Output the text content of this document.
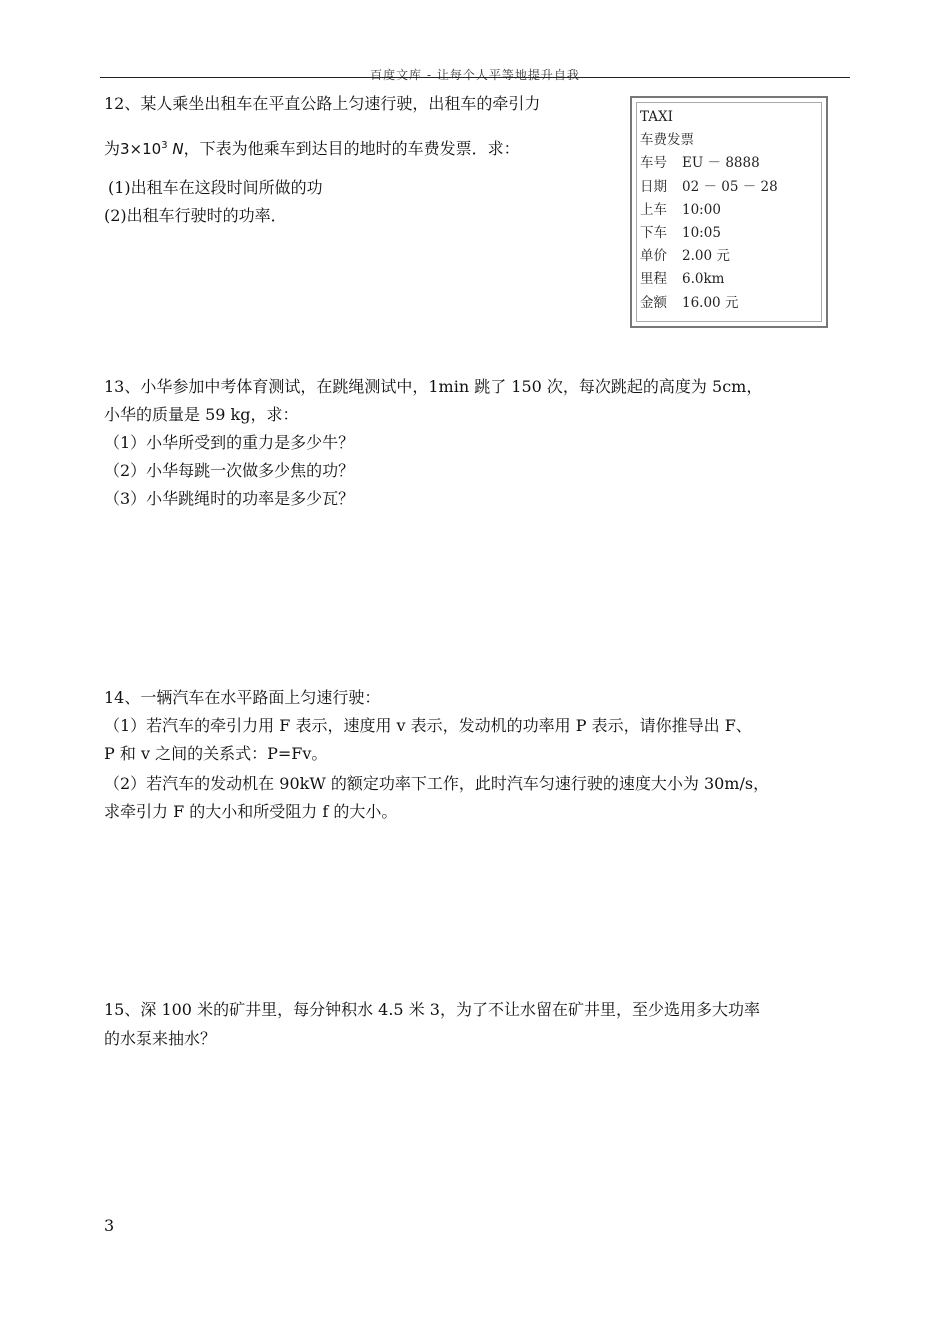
百度文库 - 让每个人平等地提升自我
12、某人乘坐出租车在平直公路上匀速行驶，出租车的牵引力
为$3\times 10^3$ N，下表为他乘车到达目的地时的车费发票．求：
(1)出租车在这段时间所做的功
(2)出租车行驶时的功率．
TAXI
车费发票
车号 EU － 8888
日期 02 － 05 － 28
上车 10:00
下车 10:05
单价 2.00 元
里程 6.0km
金额 16.00 元
13、小华参加中考体育测试，在跳绳测试中，1min 跳了 150 次，每次跳起的高度为 5cm，
小华的质量是 59 kg，求：
（1）小华所受到的重力是多少牛？
（2）小华每跳一次做多少焦的功？
（3）小华跳绳时的功率是多少瓦？
14、一辆汽车在水平路面上匀速行驶：
（1）若汽车的牵引力用 F 表示，速度用 v 表示，发动机的功率用 P 表示，请你推导出 F、
P 和 v 之间的关系式：P=Fv。
（2）若汽车的发动机在 90kW 的额定功率下工作，此时汽车匀速行驶的速度大小为 30m/s，
求牵引力 F 的大小和所受阻力 f 的大小。
15、深 100 米的矿井里，每分钟积水 4.5 米 3，为了不让水留在矿井里，至少选用多大功率
的水泵来抽水？
3
